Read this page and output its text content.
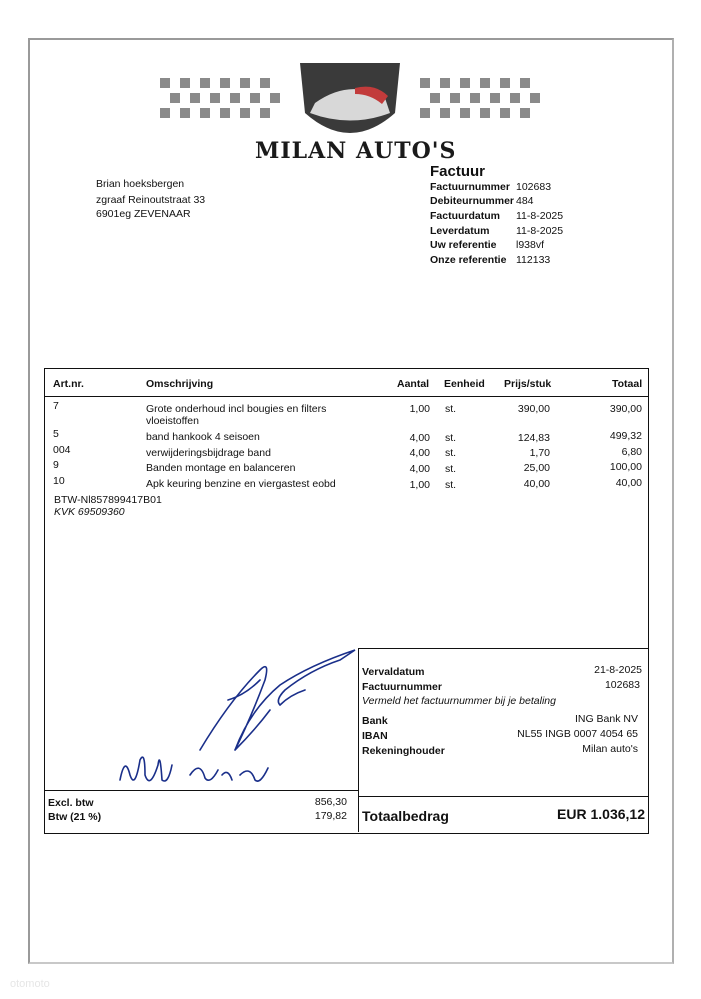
MILAN AUTO'S
Brian hoeksbergen
zgraaf Reinoutstraat 33
6901eg ZEVENAAR
Factuur
Factuurnummer 102683
Debiteurnummer 484
Factuurdatum 11-8-2025
Leverdatum	11-8-2025
Uw referentie l938vf
Onze referentie 112133
Art.nr.	Omschrijving	Aantal Eenheid Prijs/stuk	Totaal
7	Grote onderhoud incl bougies en filters
vloeistoffen
1,00 st.	390,00	390,00
5	band hankook 4 seisoen	4,00 st.	124,83	499,32
004	verwijderingsbijdrage band	4,00 st.	1,70	6,80
9	Banden montage en balanceren	4,00 st.	25,00	100,00
10	Apk keuring benzine en viergastest eobd	1,00 st.	40,00	40,00
BTW-Nl857899417B01
KVK 69509360
Vervaldatum	21-8-2025
Factuurnummer	102683
Vermeld het factuurnummer bij je betaling
Bank	ING Bank NV
IBAN	NL55 INGB 0007 4054 65
Rekeninghouder	Milan auto's
Excl. btw	856,30
Btw (21 %)	179,82 Totaalbedrag	EUR 1.036,12
otomoto
